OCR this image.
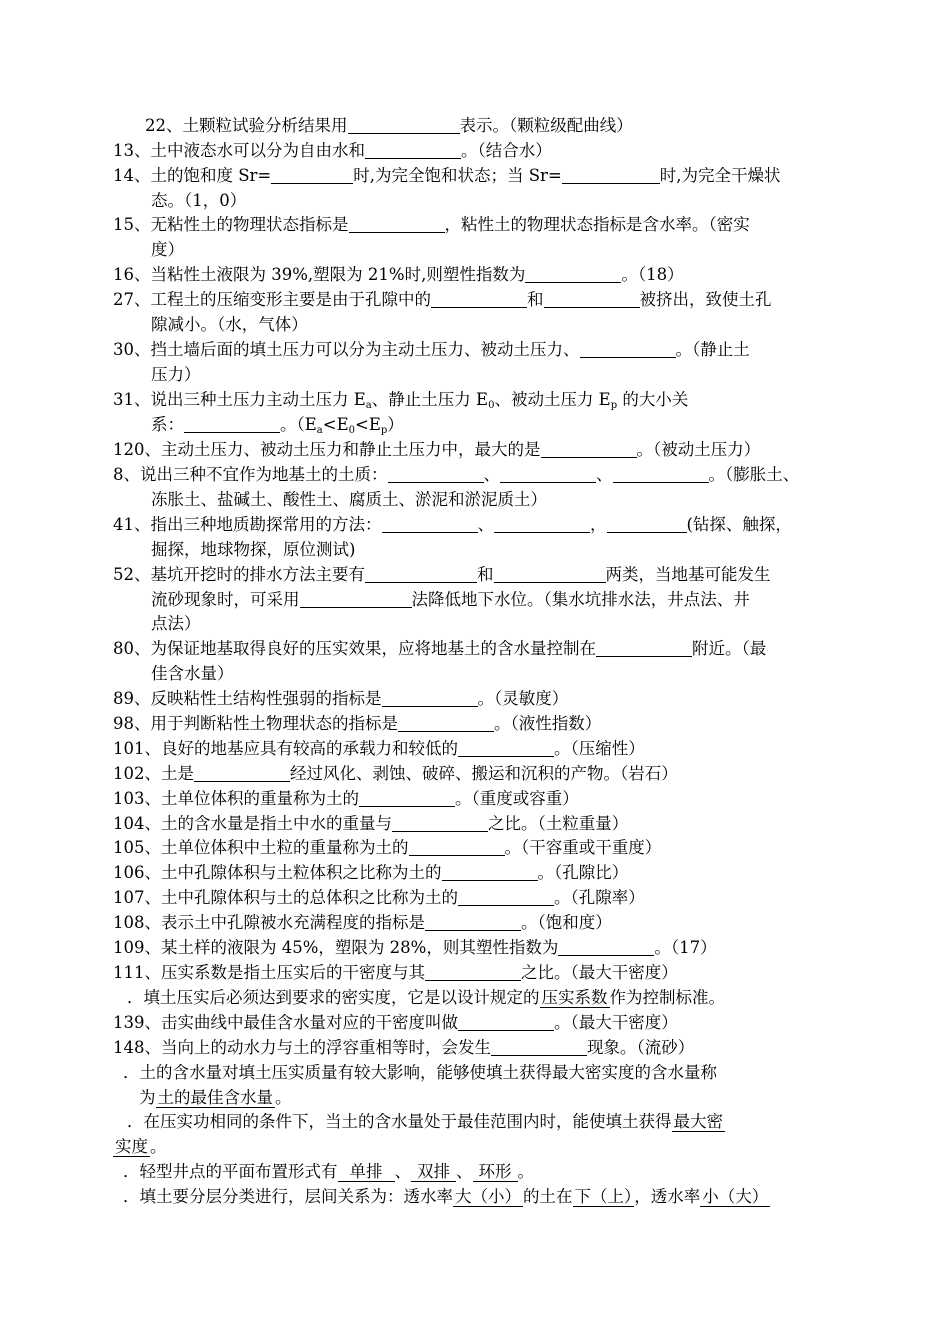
22、土颗粒试验分析结果用	表示。（颗粒级配曲线）
13、土中液态水可以分为自由水和	。（结合水）
14、土的饱和度 Sr=	时,为完全饱和状态；当 Sr=	时,为完全干燥状
态。（1，0）
15、无粘性土的物理状态指标是	，粘性土的物理状态指标是含水率。（密实
度）
16、当粘性土液限为 39%,塑限为 21%时,则塑性指数为	。（18）
27、工程土的压缩变形主要是由于孔隙中的	和	被挤出，致使土孔
隙减小。（水，气体）
30、挡土墙后面的填土压力可以分为主动土压力、被动土压力、	。（静止土
压力）
31、说出三种土压力主动土压力 $E_a$、静止土压力 $E_0$、被动土压力 $E_p$ 的大小关
系：	。$(E_a<E_0<E_p)$
120、主动土压力、被动土压力和静止土压力中，最大的是	。（被动土压力）
8、说出三种不宜作为地基土的土质：	、	、	。（膨胀土、
冻胀土、盐碱土、酸性土、腐质土、淤泥和淤泥质土）
41、指出三种地质勘探常用的方法：	、	，	(钻探、触探，
掘探，地球物探，原位测试)
52、基坑开挖时的排水方法主要有	和	两类，当地基可能发生
流砂现象时，可采用	法降低地下水位。（集水坑排水法，井点法、井
点法）
80、为保证地基取得良好的压实效果，应将地基土的含水量控制在	附近。（最
佳含水量）
89、反映粘性土结构性强弱的指标是	。（灵敏度）
98、用于判断粘性土物理状态的指标是	。（液性指数）
101、良好的地基应具有较高的承载力和较低的	。（压缩性）
102、土是	经过风化、剥蚀、破碎、搬运和沉积的产物。（岩石）
103、土单位体积的重量称为土的	。（重度或容重）
104、土的含水量是指土中水的重量与	之比。（土粒重量）
105、土单位体积中土粒的重量称为土的	。（干容重或干重度）
106、土中孔隙体积与土粒体积之比称为土的	。（孔隙比）
107、土中孔隙体积与土的总体积之比称为土的	。（孔隙率）
108、表示土中孔隙被水充满程度的指标是	。（饱和度）
109、某土样的液限为 45%，塑限为 28%，则其塑性指数为	。（17）
111、压实系数是指土压实后的干密度与其	之比。（最大干密度）
．填土压实后必须达到要求的密实度，它是以设计规定的 压实系数 作为控制标准。
139、击实曲线中最佳含水量对应的干密度叫做	。（最大干密度）
148、当向上的动水力与土的浮容重相等时，会发生	现象。（流砂）
．土的含水量对填土压实质量有较大影响，能够使填土获得最大密实度的含水量称
为 土的最佳含水量 。
．在压实功相同的条件下，当土的含水量处于最佳范围内时，能使填土获得 最大密
实度 。
．轻型井点的平面布置形式有 单排 、 双排 、 环形 。
．填土要分层分类进行，层间关系为：透水率 大（小） 的土在 下（上） ，透水率 小（大）
